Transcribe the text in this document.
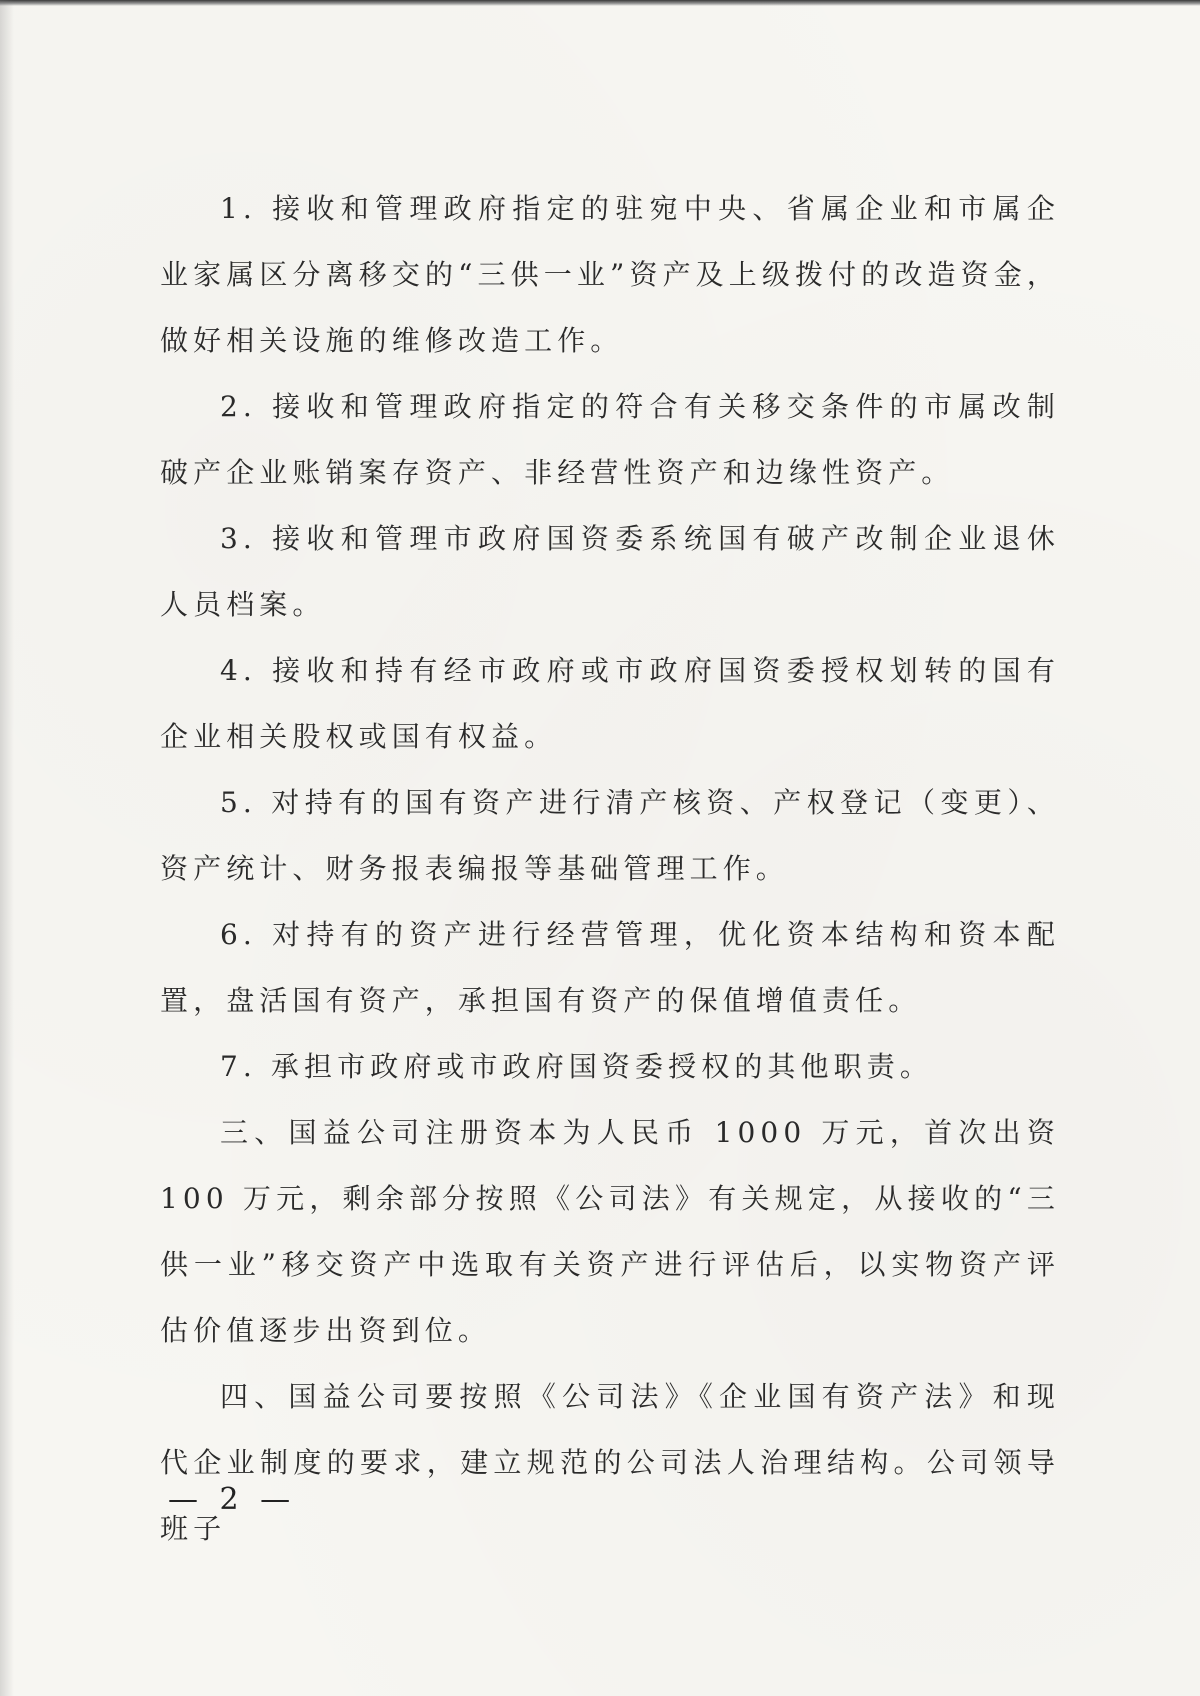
1. 接收和管理政府指定的驻宛中央、省属企业和市属企业家属区分离移交的“三供一业”资产及上级拨付的改造资金，做好相关设施的维修改造工作。

2. 接收和管理政府指定的符合有关移交条件的市属改制破产企业账销案存资产、非经营性资产和边缘性资产。

3. 接收和管理市政府国资委系统国有破产改制企业退休人员档案。

4. 接收和持有经市政府或市政府国资委授权划转的国有企业相关股权或国有权益。

5. 对持有的国有资产进行清产核资、产权登记（变更）、资产统计、财务报表编报等基础管理工作。

6. 对持有的资产进行经营管理，优化资本结构和资本配置，盘活国有资产，承担国有资产的保值增值责任。

7. 承担市政府或市政府国资委授权的其他职责。

三、国益公司注册资本为人民币 1000 万元，首次出资 100 万元，剩余部分按照《公司法》有关规定，从接收的“三供一业”移交资产中选取有关资产进行评估后，以实物资产评估价值逐步出资到位。

四、国益公司要按照《公司法》《企业国有资产法》和现代企业制度的要求，建立规范的公司法人治理结构。公司领导班子

— 2 —
